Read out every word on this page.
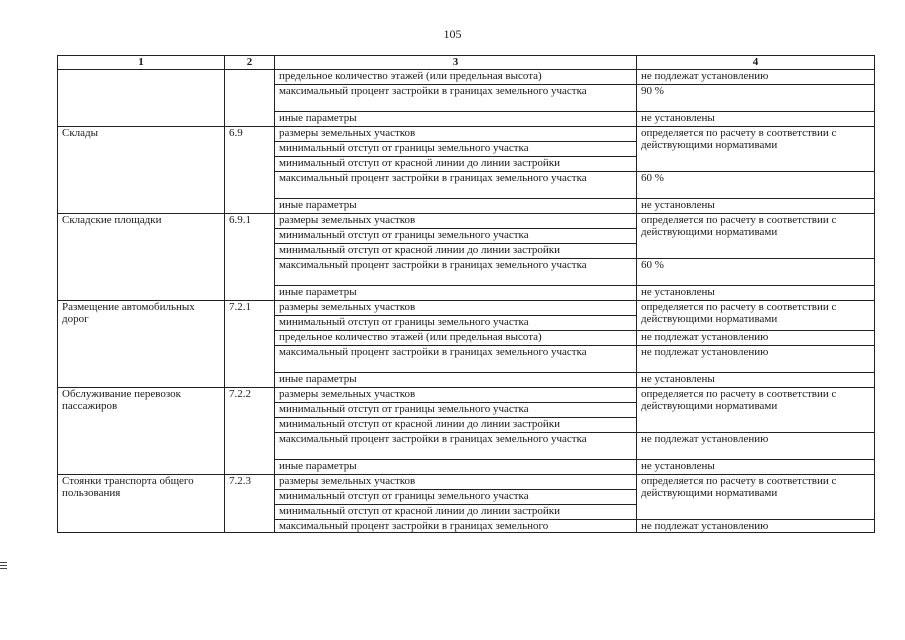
105
1	2	3	4
		предельное количество этажей (или предельная высота)	не подлежат установлению
		максимальный процент застройки в границах земельного участка	90 %
		иные параметры	не установлены
Склады	6.9	размеры земельных участков	определяется по расчету в соответствии с действующими нормативами
		минимальный отступ от границы земельного участка	
		минимальный отступ от красной линии до линии застройки	
		максимальный процент застройки в границах земельного участка	60 %
		иные параметры	не установлены
Складские площадки	6.9.1	размеры земельных участков	определяется по расчету в соответствии с действующими нормативами
		минимальный отступ от границы земельного участка	
		минимальный отступ от красной линии до линии застройки	
		максимальный процент застройки в границах земельного участка	60 %
		иные параметры	не установлены
Размещение автомобильных дорог	7.2.1	размеры земельных участков	определяется по расчету в соответствии с действующими нормативами
		минимальный отступ от границы земельного участка	
		предельное количество этажей (или предельная высота)	не подлежат установлению
		максимальный процент застройки в границах земельного участка	не подлежат установлению
		иные параметры	не установлены
Обслуживание перевозок пассажиров	7.2.2	размеры земельных участков	определяется по расчету в соответствии с действующими нормативами
		минимальный отступ от границы земельного участка	
		минимальный отступ от красной линии до линии застройки	
		максимальный процент застройки в границах земельного участка	не подлежат установлению
		иные параметры	не установлены
Стоянки транспорта общего пользования	7.2.3	размеры земельных участков	определяется по расчету в соответствии с действующими нормативами
		минимальный отступ от границы земельного участка	
		минимальный отступ от красной линии до линии застройки	
		максимальный процент застройки в границах земельного	не подлежат установлению
